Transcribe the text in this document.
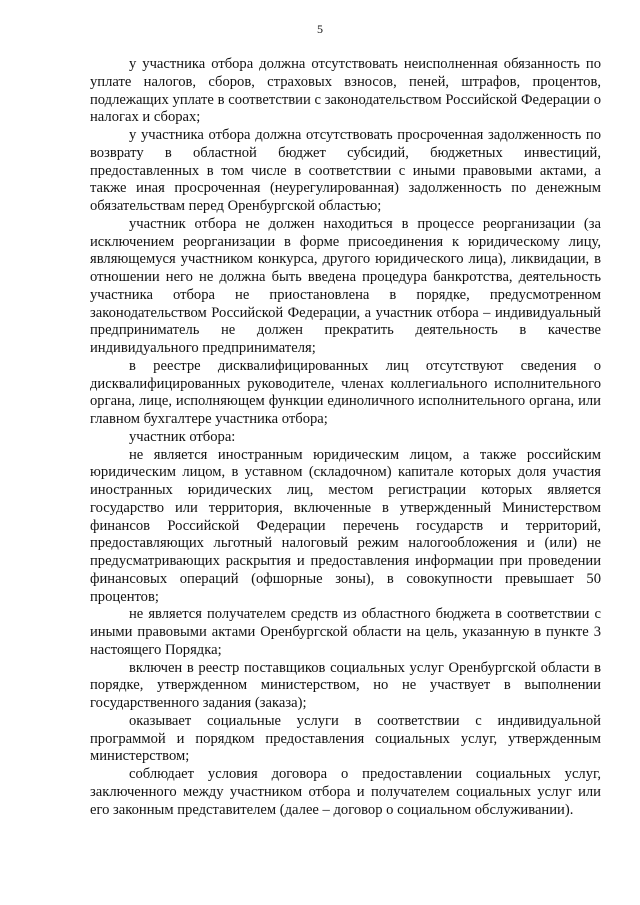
5

у участника отбора должна отсутствовать неисполненная обязанность по уплате налогов, сборов, страховых взносов, пеней, штрафов, процентов, подлежащих уплате в соответствии с законодательством Российской Федерации о налогах и сборах;

у участника отбора должна отсутствовать просроченная задолженность по возврату в областной бюджет субсидий, бюджетных инвестиций, предоставленных в том числе в соответствии с иными правовыми актами, а также иная просроченная (неурегулированная) задолженность по денежным обязательствам перед Оренбургской областью;

участник отбора не должен находиться в процессе реорганизации (за исключением реорганизации в форме присоединения к юридическому лицу, являющемуся участником конкурса, другого юридического лица), ликвидации, в отношении него не должна быть введена процедура банкротства, деятельность участника отбора не приостановлена в порядке, предусмотренном законодательством Российской Федерации, а участник отбора – индивидуальный предприниматель не должен прекратить деятельность в качестве индивидуального предпринимателя;

в реестре дисквалифицированных лиц отсутствуют сведения о дисквалифицированных руководителе, членах коллегиального исполнительного органа, лице, исполняющем функции единоличного исполнительного органа, или главном бухгалтере участника отбора;

участник отбора:

не является иностранным юридическим лицом, а также российским юридическим лицом, в уставном (складочном) капитале которых доля участия иностранных юридических лиц, местом регистрации которых является государство или территория, включенные в утвержденный Министерством финансов Российской Федерации перечень государств и территорий, предоставляющих льготный налоговый режим налогообложения и (или) не предусматривающих раскрытия и предоставления информации при проведении финансовых операций (офшорные зоны), в совокупности превышает 50 процентов;

не является получателем средств из областного бюджета в соответствии с иными правовыми актами Оренбургской области на цель, указанную в пункте 3 настоящего Порядка;

включен в реестр поставщиков социальных услуг Оренбургской области в порядке, утвержденном министерством, но не участвует в выполнении государственного задания (заказа);

оказывает социальные услуги в соответствии с индивидуальной программой и порядком предоставления социальных услуг, утвержденным министерством;

соблюдает условия договора о предоставлении социальных услуг, заключенного между участником отбора и получателем социальных услуг или его законным представителем (далее – договор о социальном обслуживании).
